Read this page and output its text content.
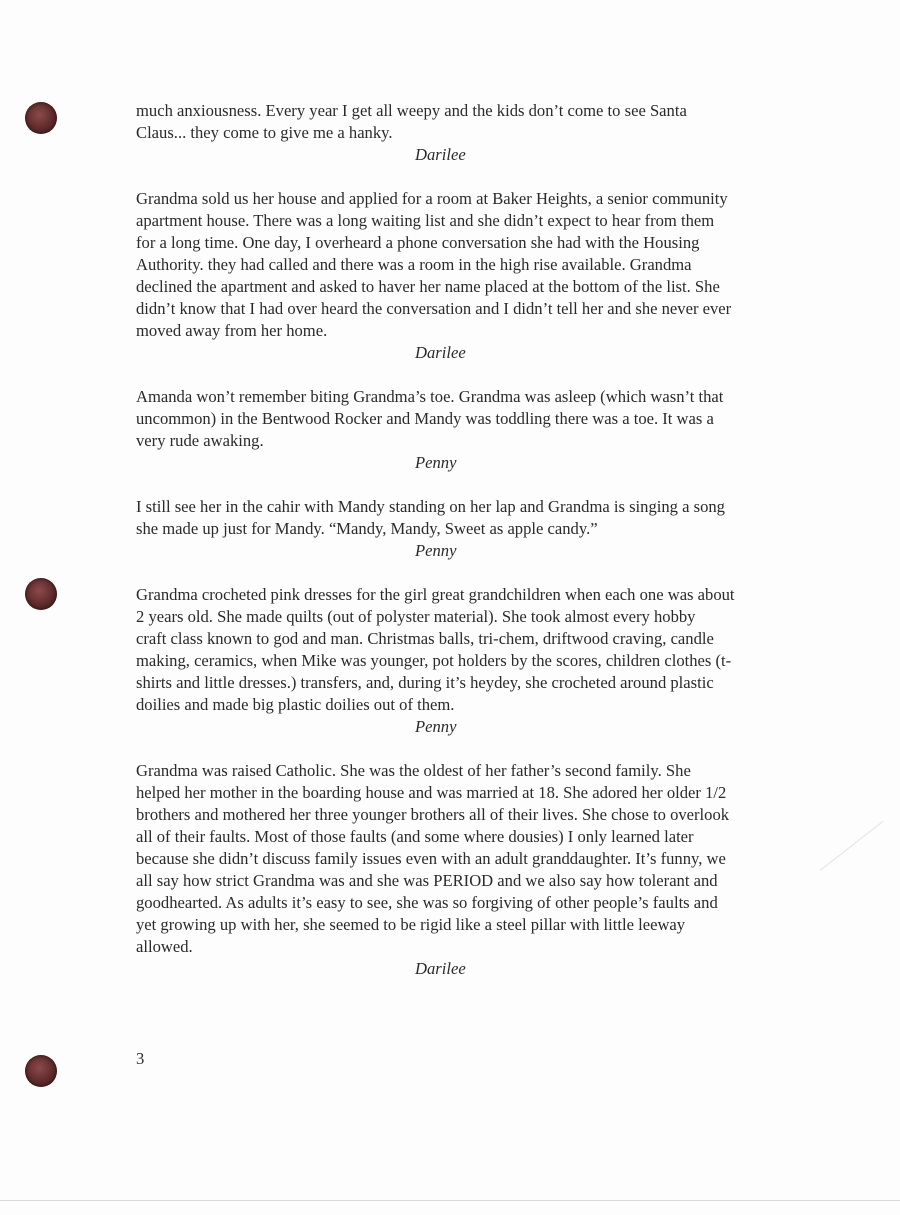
much anxiousness. Every year I get all weepy and the kids don’t come to see Santa
Claus... they come to give me a hanky.

Darilee

Grandma sold us her house and applied for a room at Baker Heights, a senior community
apartment house. There was a long waiting list and she didn’t expect to hear from them
for a long time. One day, I overheard a phone conversation she had with the Housing
Authority. they had called and there was a room in the high rise available. Grandma
declined the apartment and asked to haver her name placed at the bottom of the list. She
didn’t know that I had over heard the conversation and I didn’t tell her and she never ever
moved away from her home.

Darilee

Amanda won’t remember biting Grandma’s toe. Grandma was asleep (which wasn’t that
uncommon) in the Bentwood Rocker and Mandy was toddling there was a toe. It was a
very rude awaking.

Penny

I still see her in the cahir with Mandy standing on her lap and Grandma is singing a song
she made up just for Mandy. “Mandy, Mandy, Sweet as apple candy.”

Penny

Grandma crocheted pink dresses for the girl great grandchildren when each one was about
2 years old. She made quilts (out of polyster material). She took almost every hobby
craft class known to god and man. Christmas balls, tri-chem, driftwood craving, candle
making, ceramics, when Mike was younger, pot holders by the scores, children clothes (t-
shirts and little dresses.) transfers, and, during it’s heydey, she crocheted around plastic
doilies and made big plastic doilies out of them.

Penny

Grandma was raised Catholic. She was the oldest of her father’s second family. She
helped her mother in the boarding house and was married at 18. She adored her older 1/2
brothers and mothered her three younger brothers all of their lives. She chose to overlook
all of their faults. Most of those faults (and some where dousies) I only learned later
because she didn’t discuss family issues even with an adult granddaughter. It’s funny, we
all say how strict Grandma was and she was PERIOD and we also say how tolerant and
goodhearted. As adults it’s easy to see, she was so forgiving of other people’s faults and
yet growing up with her, she seemed to be rigid like a steel pillar with little leeway
allowed.

Darilee

3
